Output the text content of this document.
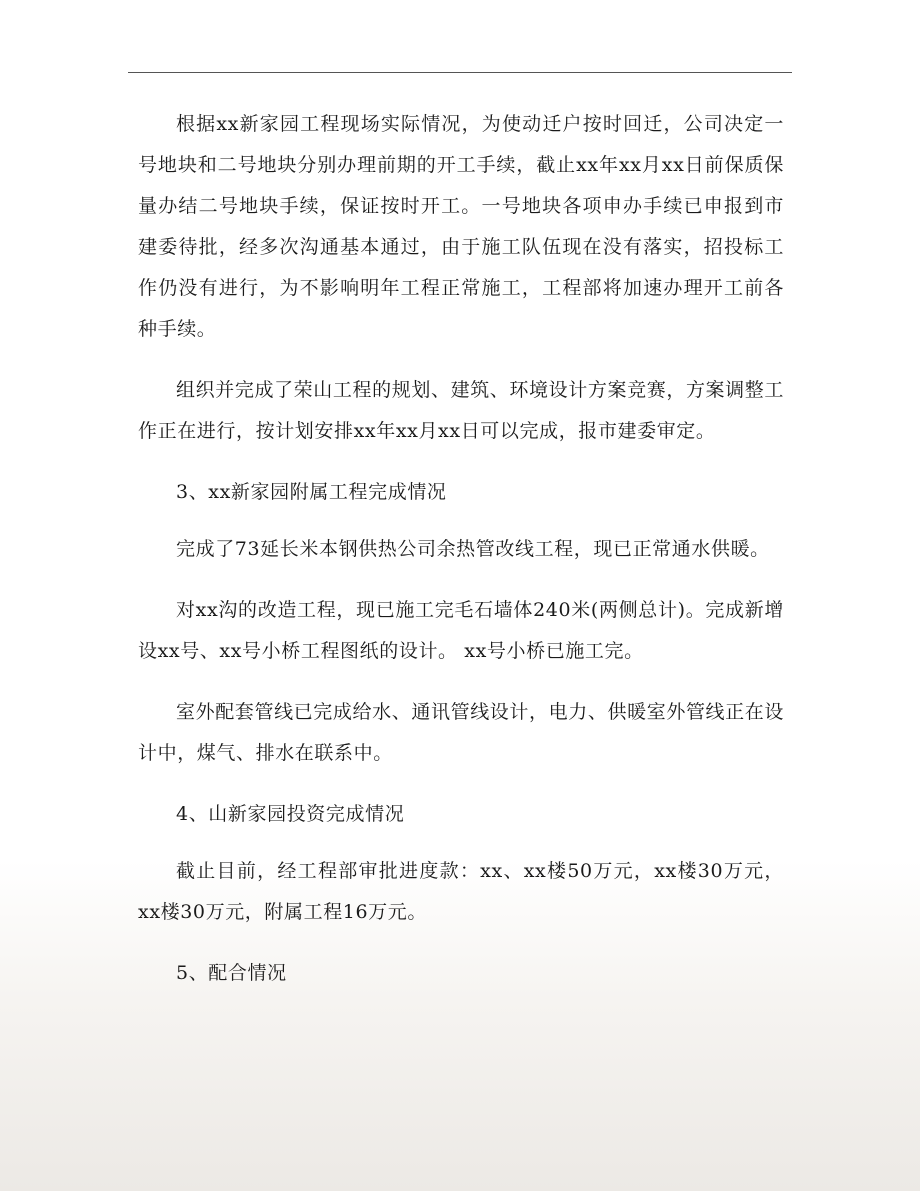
根据xx新家园工程现场实际情况，为使动迁户按时回迁，公司决定一号地块和二号地块分别办理前期的开工手续，截止xx年xx月xx日前保质保量办结二号地块手续，保证按时开工。一号地块各项申办手续已申报到市建委待批，经多次沟通基本通过，由于施工队伍现在没有落实，招投标工作仍没有进行，为不影响明年工程正常施工，工程部将加速办理开工前各种手续。

组织并完成了荣山工程的规划、建筑、环境设计方案竞赛，方案调整工作正在进行，按计划安排xx年xx月xx日可以完成，报市建委审定。

3、xx新家园附属工程完成情况

完成了73延长米本钢供热公司余热管改线工程，现已正常通水供暖。

对xx沟的改造工程，现已施工完毛石墙体240米(两侧总计)。完成新增设xx号、xx号小桥工程图纸的设计。 xx号小桥已施工完。

室外配套管线已完成给水、通讯管线设计，电力、供暖室外管线正在设计中，煤气、排水在联系中。

4、山新家园投资完成情况

截止目前，经工程部审批进度款：xx、xx楼50万元，xx楼30万元，xx楼30万元，附属工程16万元。

5、配合情况
